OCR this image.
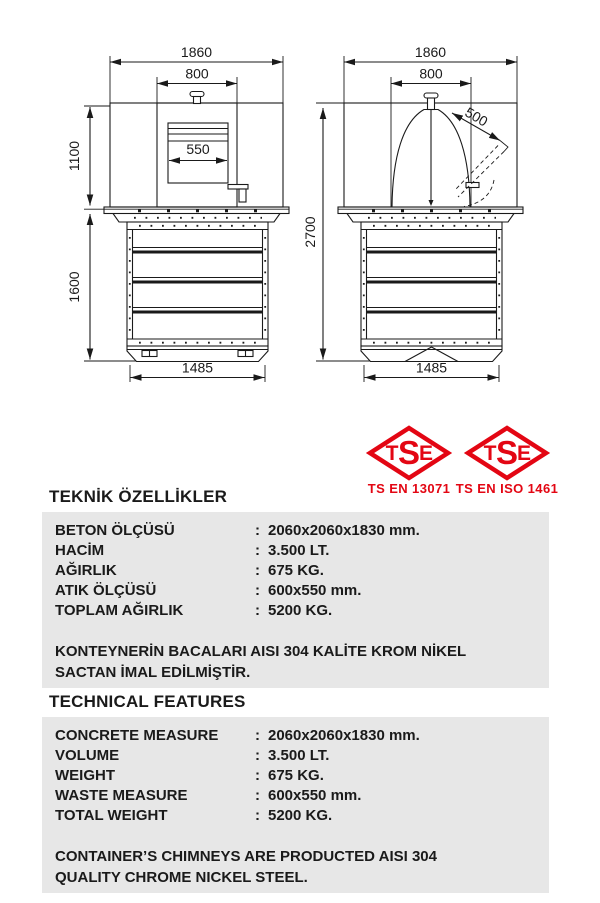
1860
800
1100
1600
550
1485
1860
800
2700
500
1485
T S
E
TS EN 13071
T S
E
TS EN ISO 1461
TEKNİK ÖZELLİKLER
BETON ÖLÇÜSÜ	: 2060x2060x1830 mm.
HACİM	: 3.500 LT.
AĞIRLIK	: 675 KG.
ATIK ÖLÇÜSÜ	: 600x550 mm.
TOPLAM AĞIRLIK	: 5200 KG.
KONTEYNERİN BACALARI AISI 304 KALİTE KROM NİKEL SACTAN İMAL EDİLMİŞTİR.
TECHNICAL FEATURES
CONCRETE MEASURE	: 2060x2060x1830 mm.
VOLUME	: 3.500 LT.
WEIGHT	: 675 KG.
WASTE MEASURE	: 600x550 mm.
TOTAL WEIGHT	: 5200 KG.
CONTAINER’S CHIMNEYS ARE PRODUCTED AISI 304 QUALITY CHROME NICKEL STEEL.
